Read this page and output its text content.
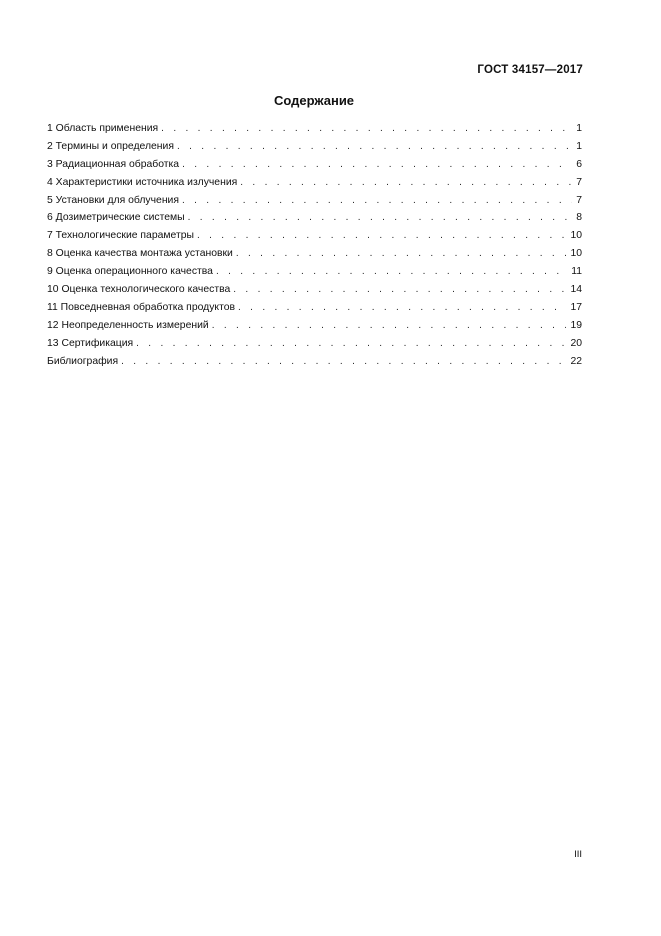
ГОСТ 34157—2017
Содержание
1 Область применения . . .	1
2 Термины и определения . . .	1
3 Радиационная обработка . . .	6
4 Характеристики источника излучения . . .	7
5 Установки для облучения . . .	7
6 Дозиметрические системы . . .	8
7 Технологические параметры . . .	10
8 Оценка качества монтажа установки . . .	10
9 Оценка операционного качества . . .	11
10 Оценка технологического качества . . .	14
11 Повседневная обработка продуктов . . .	17
12 Неопределенность измерений . . .	19
13 Сертификация . . .	20
Библиография . . .	22
III
